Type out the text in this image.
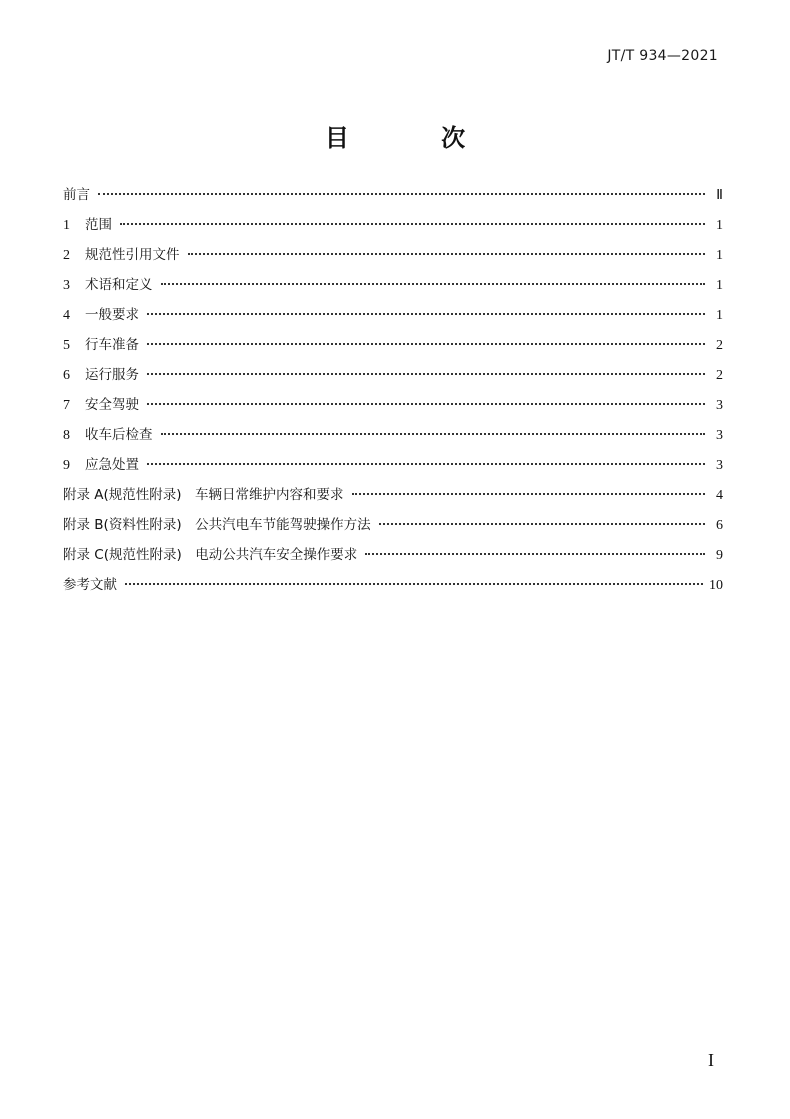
JT/T 934—2021
目 次
前言	Ⅱ
1	范围	1
2	规范性引用文件	1
3	术语和定义	1
4	一般要求	1
5	行车准备	2
6	运行服务	2
7	安全驾驶	3
8	收车后检查	3
9	应急处置	3
附录 A(规范性附录)　车辆日常维护内容和要求	4
附录 B(资料性附录)　公共汽电车节能驾驶操作方法	6
附录 C(规范性附录)　电动公共汽车安全操作要求	9
参考文献	10
I
